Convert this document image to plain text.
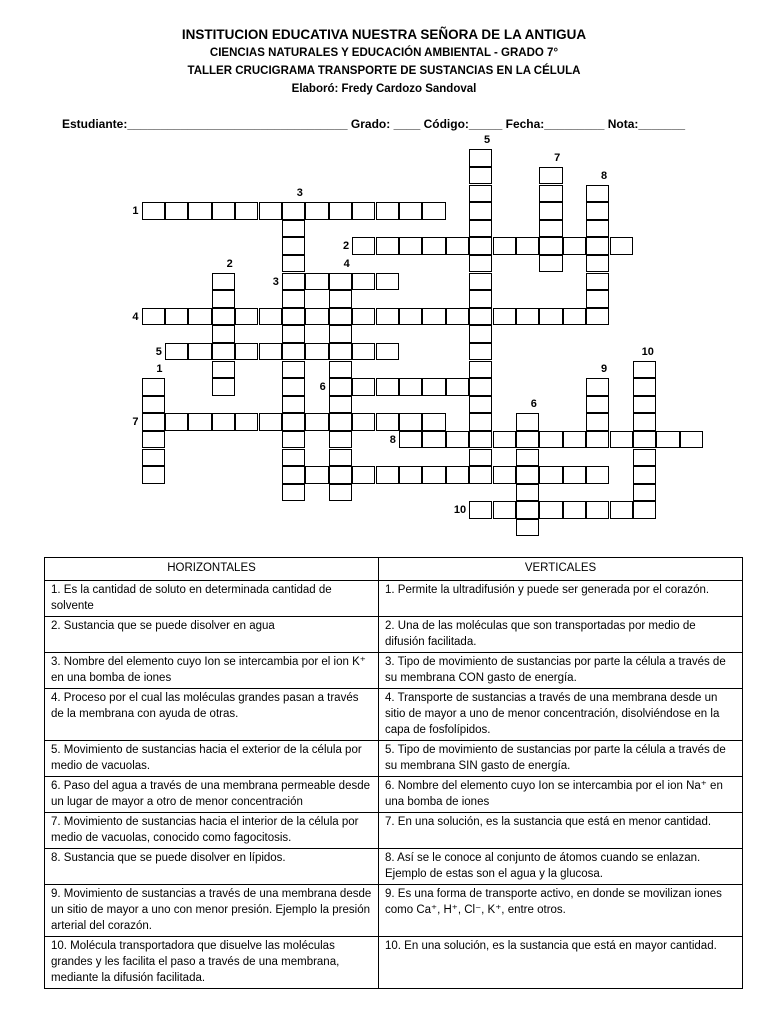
INSTITUCION EDUCATIVA NUESTRA SEÑORA DE LA ANTIGUA
CIENCIAS NATURALES Y EDUCACIÓN AMBIENTAL - GRADO 7°
TALLER CRUCIGRAMA TRANSPORTE DE SUSTANCIAS EN LA CÉLULA
Elaboró: Fredy Cardozo Sandoval
Estudiante:_________________________________ Grado: ____ Código:_____ Fecha:_________ Nota:_______
1
2
3
4
5
6
7
8
10
1
2
3
4
5
6
7
8
9
10
HORIZONTALES	VERTICALES
1. Es la cantidad de soluto en determinada cantidad de solvente	1. Permite la ultradifusión y puede ser generada por el corazón.
2. Sustancia que se puede disolver en agua	2. Una de las moléculas que son transportadas por medio de difusión facilitada.
3. Nombre del elemento cuyo Ion se intercambia por el ion K⁺ en una bomba de iones	3. Tipo de movimiento de sustancias por parte la célula a través de su membrana CON gasto de energía.
4. Proceso por el cual las moléculas grandes pasan a través de la membrana con ayuda de otras.	4. Transporte de sustancias a través de una membrana desde un sitio de mayor a uno de menor concentración, disolviéndose en la capa de fosfolípidos.
5. Movimiento de sustancias hacia el exterior de la célula por medio de vacuolas.	5. Tipo de movimiento de sustancias por parte la célula a través de su membrana SIN gasto de energía.
6. Paso del agua a través de una membrana permeable desde un lugar de mayor a otro de menor concentración	6. Nombre del elemento cuyo Ion se intercambia por el ion Na⁺ en una bomba de iones
7. Movimiento de sustancias hacia el interior de la célula por medio de vacuolas, conocido como fagocitosis.	7. En una solución, es la sustancia que está en menor cantidad.
8. Sustancia que se puede disolver en lípidos.	8. Así se le conoce al conjunto de átomos cuando se enlazan. Ejemplo de estas son el agua y la glucosa.
9. Movimiento de sustancias a través de una membrana desde un sitio de mayor a uno con menor presión. Ejemplo la presión arterial del corazón.	9. Es una forma de transporte activo, en donde se movilizan iones como Ca⁺, H⁺, Cl⁻, K⁺, entre otros.
10. Molécula transportadora que disuelve las moléculas grandes y les facilita el paso a través de una membrana, mediante la difusión facilitada.	10. En una solución, es la sustancia que está en mayor cantidad.
